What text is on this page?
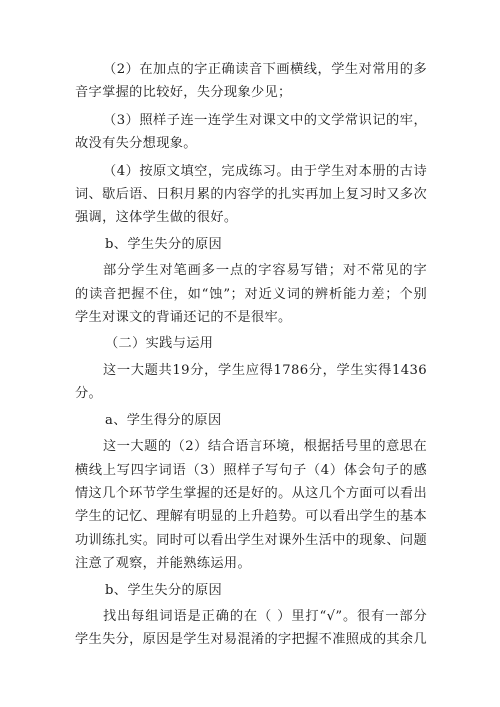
（2）在加点的字正确读音下画横线，学生对常用的多音字掌握的比较好，失分现象少见；

（3）照样子连一连学生对课文中的文学常识记的牢，故没有失分想现象。

（4）按原文填空，完成练习。由于学生对本册的古诗词、歇后语、日积月累的内容学的扎实再加上复习时又多次强调，这体学生做的很好。

b、学生失分的原因

部分学生对笔画多一点的字容易写错；对不常见的字的读音把握不住，如“蚀”；对近义词的辨析能力差；个别学生对课文的背诵还记的不是很牢。

（二）实践与运用

这一大题共19分，学生应得1786分，学生实得1436分。

a、学生得分的原因

这一大题的（2）结合语言环境，根据括号里的意思在横线上写四字词语（3）照样子写句子（4）体会句子的感情这几个环节学生掌握的还是好的。从这几个方面可以看出学生的记忆、理解有明显的上升趋势。可以看出学生的基本功训练扎实。同时可以看出学生对课外生活中的现象、问题注意了观察，并能熟练运用。

b、学生失分的原因

找出每组词语是正确的在（ ）里打“√”。很有一部分学生失分，原因是学生对易混淆的字把握不准照成的其余几
